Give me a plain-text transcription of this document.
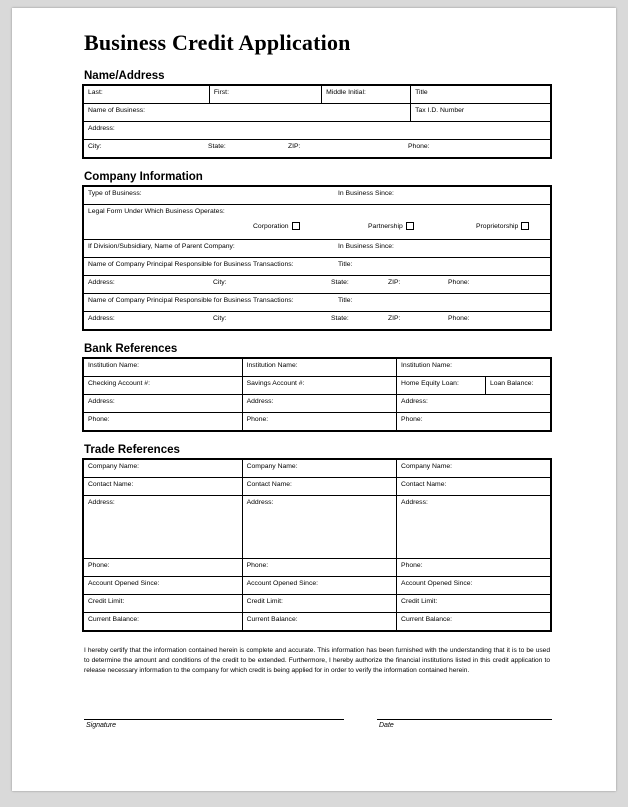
Business Credit Application
Name/Address
Last:	First:	Middle Initial:	Title
Name of Business:			Tax I.D. Number
Address:			

City: State: ZIP: Phone:			
Company Information
Type of Business:	In Business Since:

Legal Form Under Which Business Operates:
Corporation	Partnership	Proprietorship

If Division/Subsidiary, Name of Parent Company:	In Business Since:

Name of Company Principal Responsible for Business Transactions:	Title:

Address:	City:	State:	ZIP:	Phone:

Name of Company Principal Responsible for Business Transactions:	Title:

Address:	City:	State:	ZIP:	Phone:
Bank References
Institution Name:	Institution Name:	Institution Name:	
Checking Account #:	Savings Account #:	Home Equity Loan:	Loan Balance:
Address:	Address:	Address:	
Phone:	Phone:	Phone:	
Trade References
Company Name:	Company Name:	Company Name:
Contact Name:	Contact Name:	Contact Name:
Address:	Address:	Address:
Phone:	Phone:	Phone:
Account Opened Since:	Account Opened Since:	Account Opened Since:
Credit Limit:	Credit Limit:	Credit Limit:
Current Balance:	Current Balance:	Current Balance:

I hereby certify that the information contained herein is complete and accurate. This information has been furnished with the understanding that it is to be used to determine the amount and conditions of the credit to be extended. Furthermore, I hereby authorize the financial institutions listed in this credit application to release necessary information to the company for which credit is being applied for in order to verify the information contained herein.

Signature	Date
